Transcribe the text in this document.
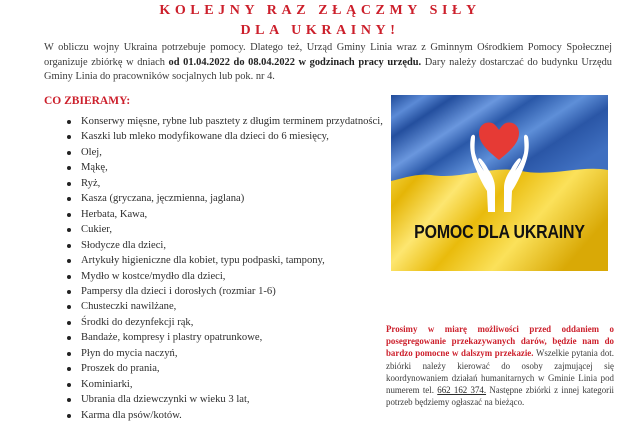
KOLEJNY RAZ ZŁĄCZMY SIŁY
DLA UKRAINY!
W obliczu wojny Ukraina potrzebuje pomocy. Dlatego też, Urząd Gminy Linia wraz z Gminnym Ośrodkiem Pomocy Społecznej organizuje zbiórkę w dniach od 01.04.2022 do 08.04.2022 w godzinach pracy urzędu. Dary należy dostarczać do budynku Urzędu Gminy Linia do pracowników socjalnych lub pok. nr 4.
CO ZBIERAMY:
Konserwy mięsne, rybne lub pasztety z długim terminem przydatności,
Kaszki lub mleko modyfikowane dla dzieci do 6 miesięcy,
Olej,
Mąkę,
Ryż,
Kasza (gryczana, jęczmienna, jaglana)
Herbata, Kawa,
Cukier,
Słodycze dla dzieci,
Artykuły higieniczne dla kobiet, typu podpaski, tampony,
Mydło w kostce/mydło dla dzieci,
Pampersy dla dzieci i dorosłych (rozmiar 1-6)
Chusteczki nawilżane,
Środki do dezynfekcji rąk,
Bandaże, kompresy i plastry opatrunkowe,
Płyn do mycia naczyń,
Proszek do prania,
Kominiarki,
Ubrania dla dziewczynki w wieku 3 lat,
Karma dla psów/kotów.
POMOC DLA UKRAINY
Prosimy w miarę możliwości przed oddaniem o posegregowanie przekazywanych darów, będzie nam do bardzo pomocne w dalszym przekazie. Wszelkie pytania dot. zbiórki należy kierować do osoby zajmującej się koordynowaniem działań humanitarnych w Gminie Linia pod numerem tel. 662 162 374. Następne zbiórki z innej kategorii potrzeb będziemy ogłaszać na bieżąco.
